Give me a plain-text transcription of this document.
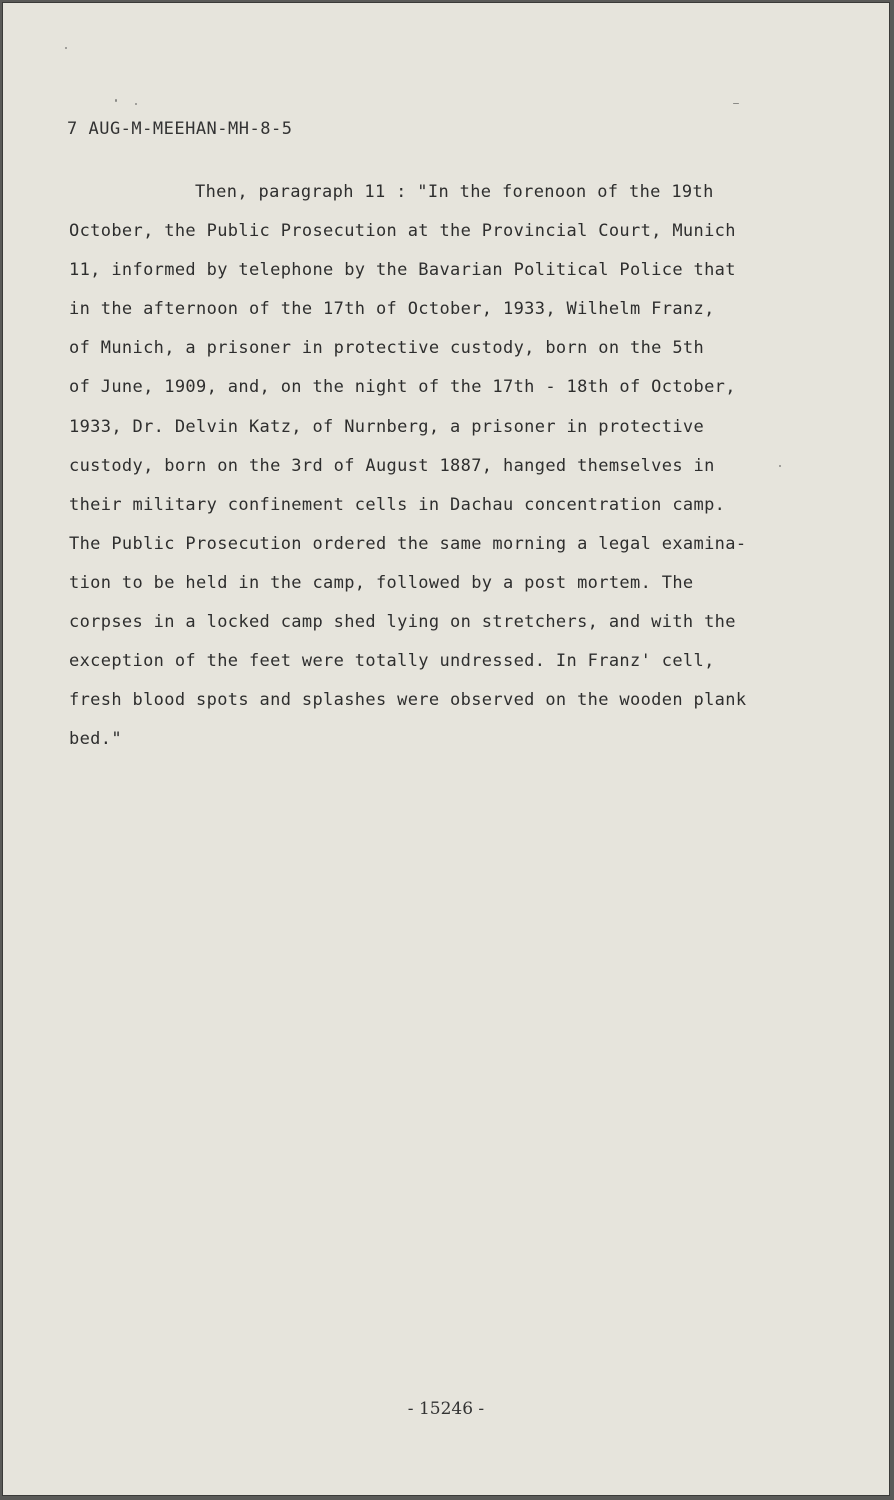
7 AUG-M-MEEHAN-MH-8-5
Then, paragraph 11 : "In the forenoon of the 19th
October, the Public Prosecution at the Provincial Court, Munich
11, informed by telephone by the Bavarian Political Police that
in the afternoon of the 17th of October, 1933, Wilhelm Franz,
of Munich, a prisoner in protective custody, born on the 5th
of June, 1909, and, on the night of the 17th - 18th of October,
1933, Dr. Delvin Katz, of Nurnberg, a prisoner in protective
custody, born on the 3rd of August 1887, hanged themselves in
their military confinement cells in Dachau concentration camp.
The Public Prosecution ordered the same morning a legal examina-
tion to be held in the camp, followed by a post mortem. The
corpses in a locked camp shed lying on stretchers, and with the
exception of the feet were totally undressed. In Franz' cell,
fresh blood spots and splashes were observed on the wooden plank
bed."
- 15246 -
